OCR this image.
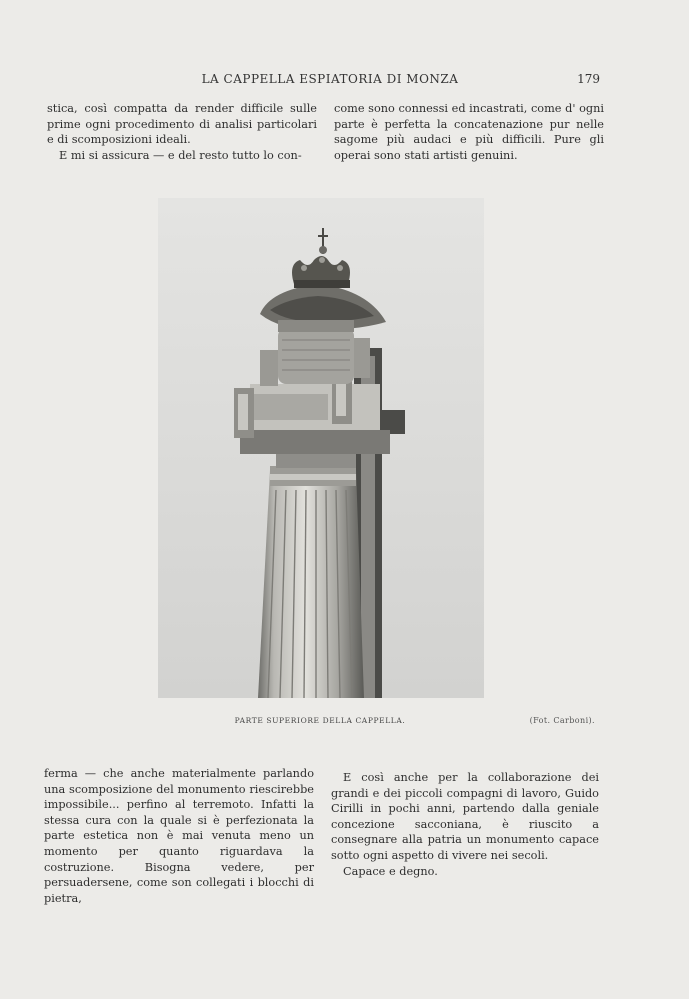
LA CAPPELLA ESPIATORIA DI MONZA	179

stica, così compatta da render difficile sulle prime ogni procedimento di analisi particolari e di scomposizioni ideali.

E mi si assicura — e del resto tutto lo con-

come sono connessi ed incastrati, come d' ogni parte è perfetta la concatenazione pur nelle sagome più audaci e più difficili. Pure gli operai sono stati artisti genuini.

PARTE SUPERIORE DELLA CAPPELLA.	(Fot. Carboni).

ferma — che anche materialmente parlando una scomposizione del monumento riescirebbe impossibile... perfino al terremoto. Infatti la stessa cura con la quale si è perfezionata la parte estetica non è mai venuta meno un momento per quanto riguardava la costruzione. Bisogna vedere, per persuadersene, come son collegati i blocchi di pietra,

E così anche per la collaborazione dei grandi e dei piccoli compagni di lavoro, Guido Cirilli in pochi anni, partendo dalla geniale concezione sacconiana, è riuscito a consegnare alla patria un monumento capace sotto ogni aspetto di vivere nei secoli.

Capace e degno.
